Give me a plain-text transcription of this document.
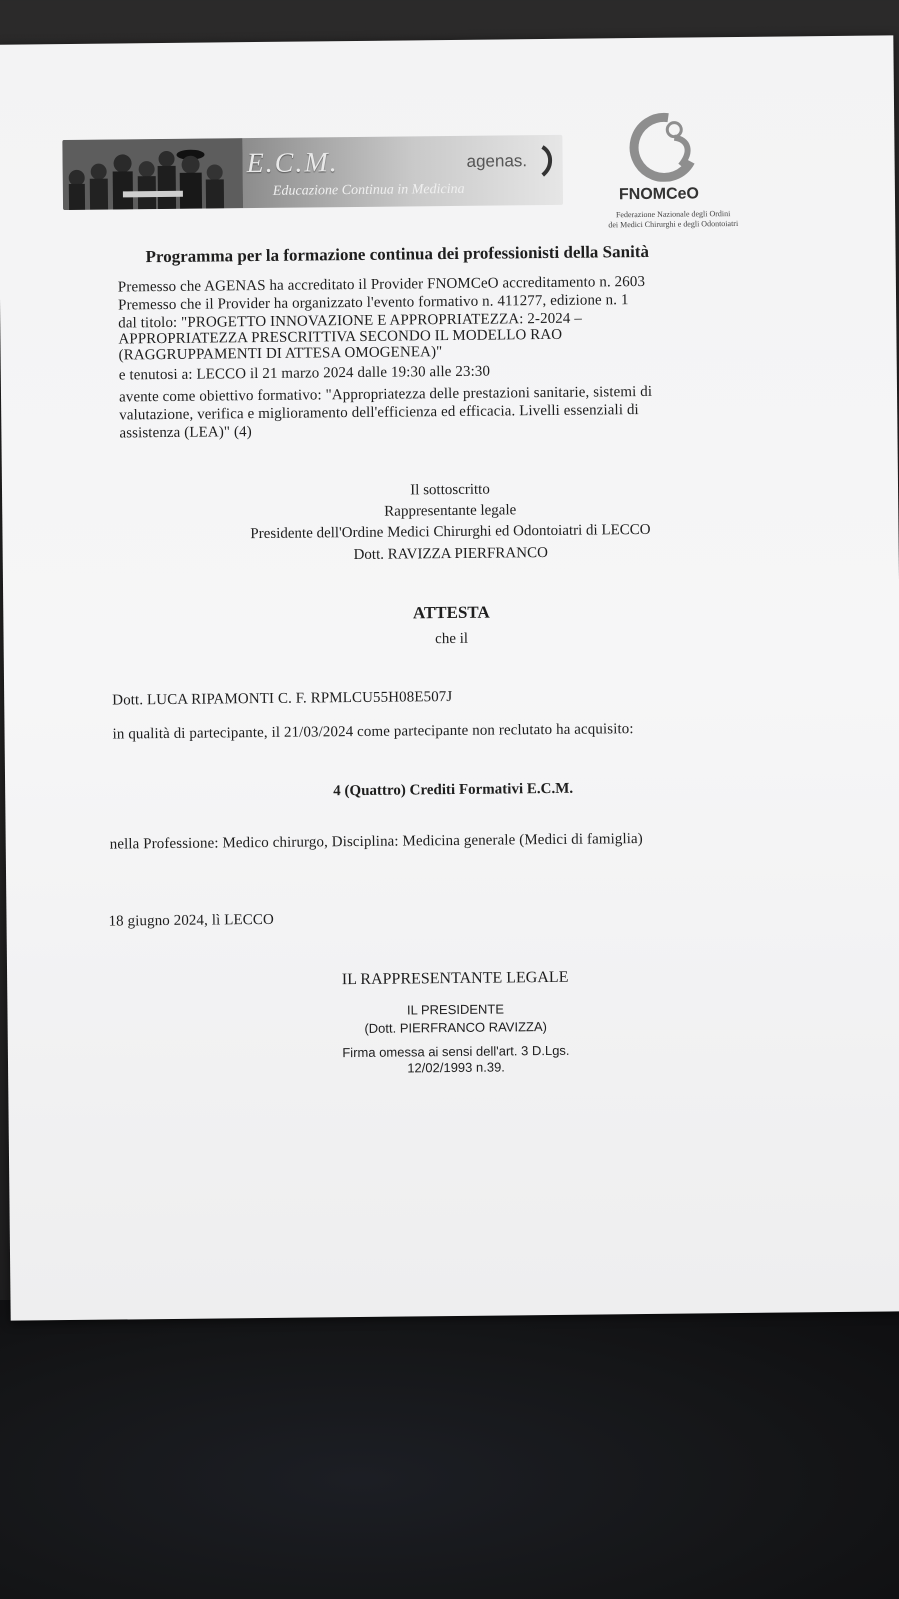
E.C.M.
Educazione Continua in Medicina
agenas.
FNOMCeO
Federazione Nazionale degli Ordini
dei Medici Chirurghi e degli Odontoiatri
Programma per la formazione continua dei professionisti della Sanità
Premesso che AGENAS ha accreditato il Provider FNOMCeO accreditamento n. 2603
Premesso che il Provider ha organizzato l'evento formativo n. 411277, edizione n. 1
dal titolo: "PROGETTO INNOVAZIONE E APPROPRIATEZZA: 2-2024 –
APPROPRIATEZZA PRESCRITTIVA SECONDO IL MODELLO RAO
(RAGGRUPPAMENTI DI ATTESA OMOGENEA)"
e tenutosi a: LECCO il 21 marzo 2024 dalle 19:30 alle 23:30
avente come obiettivo formativo: "Appropriatezza delle prestazioni sanitarie, sistemi di
valutazione, verifica e miglioramento dell'efficienza ed efficacia. Livelli essenziali di
assistenza (LEA)" (4)
Il sottoscritto
Rappresentante legale
Presidente dell'Ordine Medici Chirurghi ed Odontoiatri di LECCO
Dott. RAVIZZA PIERFRANCO
ATTESTA
che il
Dott. LUCA RIPAMONTI C. F. RPMLCU55H08E507J
in qualità di partecipante, il 21/03/2024 come partecipante non reclutato ha acquisito:
4 (Quattro) Crediti Formativi E.C.M.
nella Professione: Medico chirurgo, Disciplina: Medicina generale (Medici di famiglia)
18 giugno 2024, lì LECCO
IL RAPPRESENTANTE LEGALE
IL PRESIDENTE
(Dott. PIERFRANCO RAVIZZA)
Firma omessa ai sensi dell'art. 3 D.Lgs.
12/02/1993 n.39.
